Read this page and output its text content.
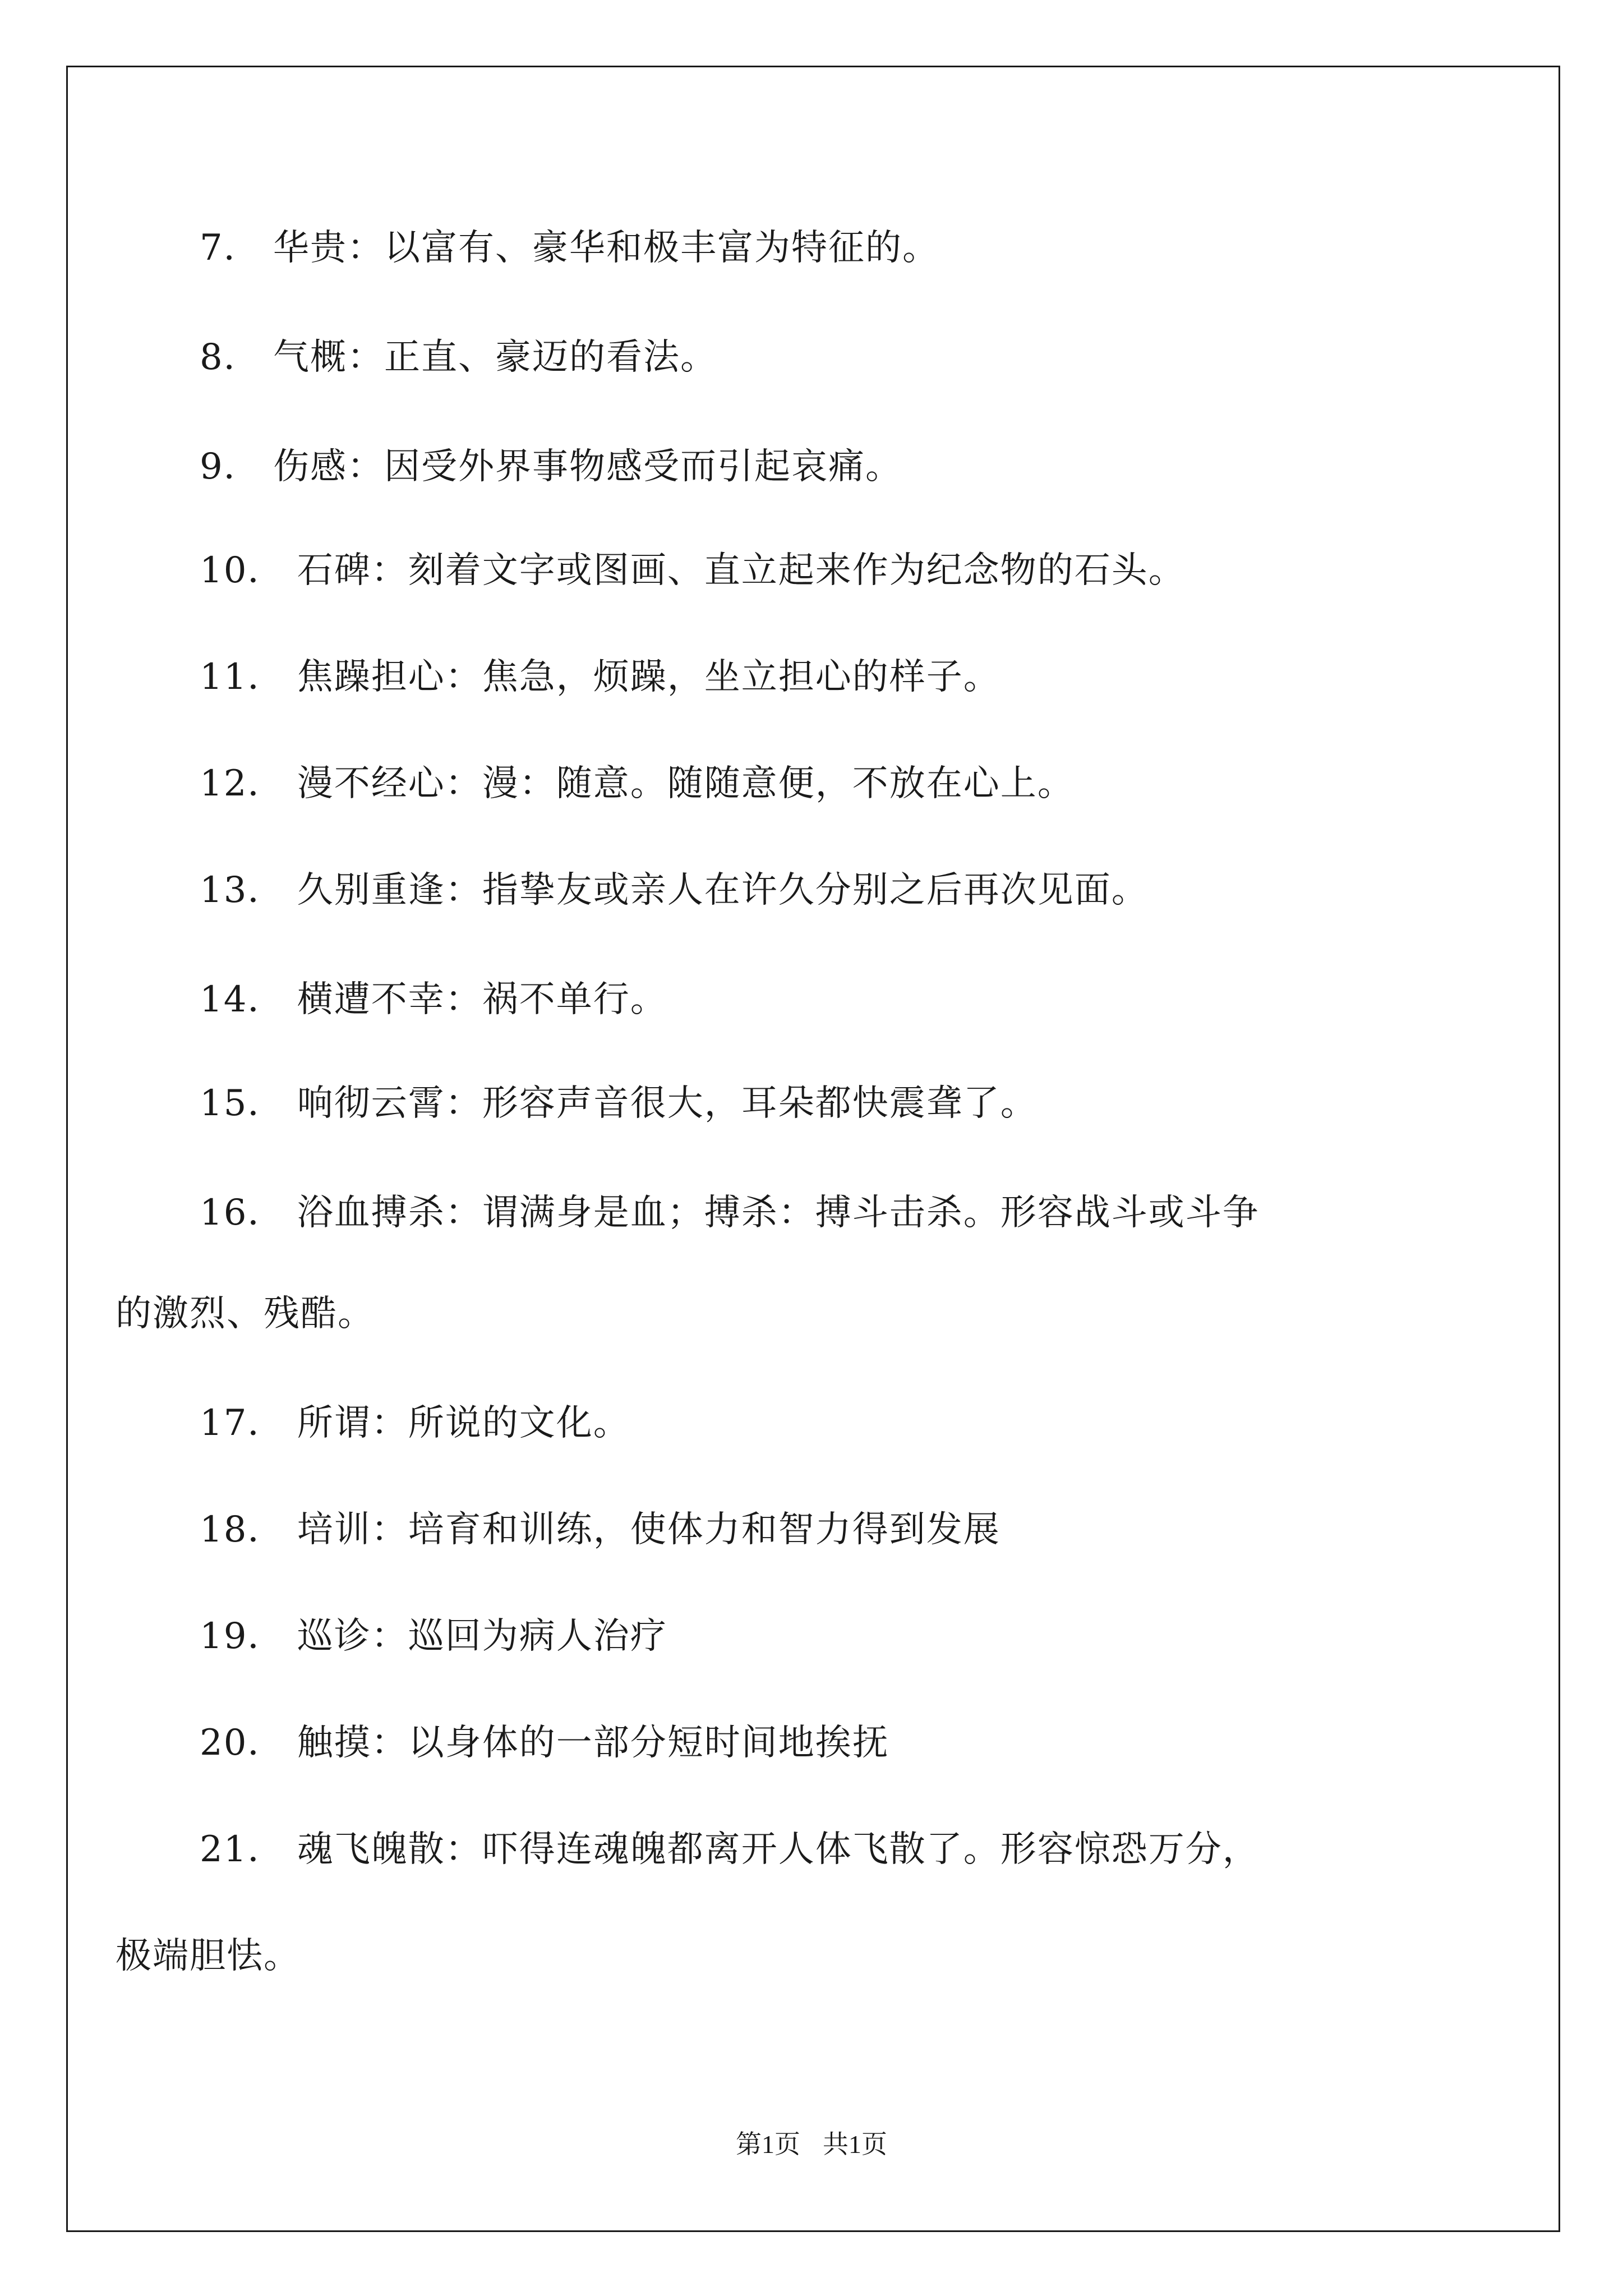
7． 华贵：以富有、豪华和极丰富为特征的。
8． 气概：正直、豪迈的看法。
9． 伤感：因受外界事物感受而引起哀痛。
10． 石碑：刻着文字或图画、直立起来作为纪念物的石头。
11． 焦躁担心：焦急，烦躁，坐立担心的样子。
12． 漫不经心：漫：随意。随随意便，不放在心上。
13． 久别重逢：指挚友或亲人在许久分别之后再次见面。
14． 横遭不幸：祸不单行。
15． 响彻云霄：形容声音很大，耳朵都快震聋了。
16． 浴血搏杀：谓满身是血；搏杀：搏斗击杀。形容战斗或斗争
的激烈、残酷。
17． 所谓：所说的文化。
18． 培训：培育和训练，使体力和智力得到发展
19． 巡诊：巡回为病人治疗
20． 触摸：以身体的一部分短时间地挨抚
21． 魂飞魄散：吓得连魂魄都离开人体飞散了。形容惊恐万分，
极端胆怯。
第1页 共1页
